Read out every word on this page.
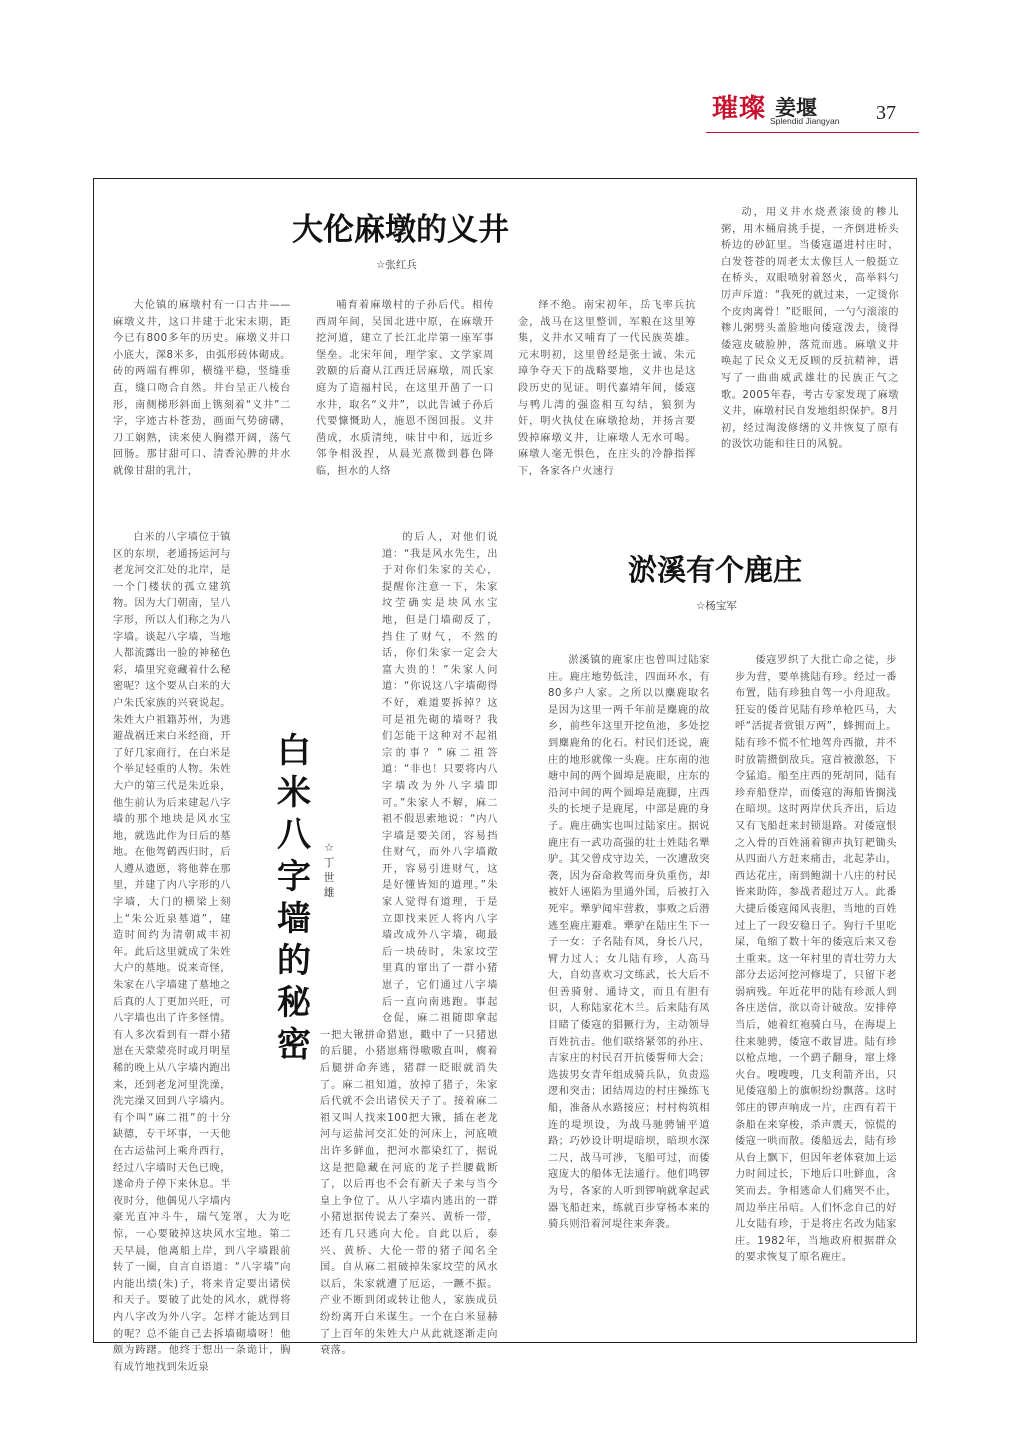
璀璨 姜堰
Splendid Jiangyan 37
大伦麻墩的义井
☆张红兵

大伦镇的麻墩村有一口古井——麻墩义井，这口井建于北宋末期，距今已有800多年的历史。麻墩义井口小底大，深8米多，由弧形砖体砌成。砖的两端有榫卯，横缝平稳，竖缝垂直，缝口吻合自然。井台呈正八棱台形，南侧梯形斜面上镌刻着“义井”二字，字迹古朴苍劲，画面气势磅礴，刀工娴熟，读来使人胸襟开阔，荡气回肠。那甘甜可口、清香沁脾的井水就像甘甜的乳汁，

哺育着麻墩村的子孙后代。相传西周年间，吴国北进中原，在麻墩开挖河道，建立了长江北岸第一座军事堡垒。北宋年间，理学家、文学家周敦颐的后裔从江西迁居麻墩，周氏家庭为了造福村民，在这里开凿了一口水井，取名“义井”，以此告诫子孙后代要慷慨助人，施恩不图回报。义井凿成，水质清纯，味甘中和，远近乡邻争相汲捏，从晨光熹微到暮色降临，担水的人络

绎不绝。南宋初年，岳飞率兵抗金，战马在这里整训，军粮在这里筹集，义井水又哺育了一代民族英雄。元末明初，这里曾经是张士诚、朱元璋争夺天下的战略要地，义井也是这段历史的见证。明代嘉靖年间，倭寇与鸭儿湾的强盗相互勾结，狼狈为奸，明火执仗在麻墩抢劫，并扬言要毁掉麻墩义井，让麻墩人无水可喝。麻墩人毫无惧色，在庄头的冷静指挥下，各家各户火速行

动，用义井水烧煮滚烫的糁儿粥，用木桶肩挑手提，一齐倒进桥头桥边的砂缸里。当倭寇逼进村庄时，白发苍苍的周老太太像巨人一般挺立在桥头，双眼喷射着怒火，高举料勺厉声斥道：“我死的就过来，一定烫你个皮肉离骨！”眨眼间，一勺勺滚滚的糁儿粥劈头盖脸地向倭寇泼去，烫得倭寇皮破脸肿，落荒而逃。麻墩义井唤起了民众义无反顾的反抗精神，谱写了一曲曲威武雄壮的民族正气之歌。2005年春，考古专家发现了麻墩义井，麻墩村民自发地组织保护。8月初，经过淘浚修缮的义井恢复了原有的汲饮功能和往日的风貌。

白
米
八
字
墙
的
秘
密
☆
丁
世
雄

白米的八字墙位于镇区的东坝，老通扬运河与老龙河交汇处的北岸，是一个门楼状的孤立建筑物。因为大门朝南，呈八字形，所以人们称之为八字墙。谈起八字墙，当地人都流露出一脸的神秘色彩，墙里究竟藏着什么秘密呢？这个要从白米的大户朱氏家族的兴衰说起。朱姓大户祖籍苏州，为逃避战祸迁来白米经商，开了好几家商行，在白米是个举足轻重的人物。朱姓大户的第三代是朱近泉，他生前认为后来建起八字墙的那个地块是风水宝地，就选此作为日后的墓地。在他驾鹤西归时，后人遵从遗愿，将他葬在那里，并建了内八字形的八字墙，大门的横梁上刻上“朱公近泉墓道”，建造时间约为清朝咸丰初年。此后这里就成了朱姓大户的墓地。说来奇怪，朱家在八字墙建了墓地之后真的人丁更加兴旺，可八字墙也出了许多怪情。有人多次看到有一群小猪崽在天蒙蒙亮时或月明星稀的晚上从八字墙内跑出来，还到老龙河里洗澡，洗完澡又回到八字墙内。有个叫“麻二祖”的十分缺德，专干坏事，一天他在古运盐河上乘舟西行，经过八字墙时天色已晚，遂命舟子停下来休息。半夜时分，他偶见八字墙内豪光直冲斗牛，瑞气笼罩，大为吃惊，一心要破掉这块风水宝地。第二天早晨，他离船上岸，到八字墙跟前转了一圈，自言自语道：“八字墙”向内能出绩(朱)子，将来肯定要出诸侯和天子。要破了此处的风水，就得将内八字改为外八字。怎样才能达到目的呢？总不能自己去拆墙砌墙呀！他颇为踌躇。他终于想出一条诡计，胸有成竹地找到朱近泉

的后人，对他们说道：“我是风水先生，出于对你们朱家的关心，提醒你注意一下，朱家坟茔确实是块风水宝地，但是门墙砌反了，挡住了财气，不然的话，你们朱家一定会大富大贵的！”朱家人问道：“你说这八字墙砌得不好，难道要拆掉？这可是祖先砌的墙呀？我们怎能干这种对不起祖宗的事？”麻二祖答道：“非也！只要将内八字墙改为外八字墙即可。”朱家人不解，麻二祖不假思索地说：“内八字墙是要关闭，容易挡住财气，而外八字墙敞开，容易引进财气，这是好懂皆知的道理。”朱家人觉得有道理，于是立即找来匠人将内八字墙改成外八字墙，砌最后一块砖时，朱家坟茔里真的窜出了一群小猪崽子，它们通过八字墙后一直向南逃跑。事起仓促，麻二祖随即拿起一把大锹拼命猎崽，戳中了一只猪崽的后腿，小猪崽痛得嗷嗷直叫，瘸着后腿拼命奔逃，猪群一眨眼就消失了。麻二祖知道，放掉了猪子，朱家后代就不会出诸侯天子了。接着麻二祖又叫人找来100把大锹，插在老龙河与运盐河交汇处的河床上，河底喷出许多鲜血，把河水都染红了，据说这是把隐藏在河底的龙子拦腰截断了，以后再也不会有新天子来与当今皇上争位了。从八字墙内逃出的一群小猪崽据传说去了秦兴、黄桥一带，还有几只逃向大伦。自此以后，泰兴、黄桥、大伦一带的猪子闻名全国。自从麻二祖破掉朱家坟茔的风水以后，朱家就遭了厄运，一蹶不振。产业不断到闭或转让他人，家族成员纷纷离开白米谋生。一个在白米显赫了上百年的朱姓大户从此就逐渐走向衰落。

淤溪有个鹿庄
☆杨宝军

淤溪镇的鹿家庄也曾叫过陆家庄。鹿庄地势低洼，四面环水，有80多户人家。之所以以麋鹿取名是因为这里一两千年前是麋鹿的故乡，前些年这里开挖鱼池，多处挖到麋鹿角的化石。村民们还说，鹿庄的地形就像一头鹿。庄东南的池塘中间的两个圆埠是鹿眼，庄东的沿河中间的两个圆埠是鹿脚，庄西头的长埂子是鹿尾，中部是鹿的身子。鹿庄确实也叫过陆家庄。据说鹿庄有一武功高强的壮士姓陆名犟驴。其父曾戍守边关，一次遭敌突袭，因为奋命救驾而身负重伤，却被奸人诬陷为里通外国，后被打入死牢。犟驴闻牢营救，事败之后潜逃至鹿庄避难。犟驴在陆庄生下一子一女：子名陆有凤，身长八尺，臂力过人；女儿陆有珍，人高马大，自幼喜欢习文练武，长大后不但善骑射、通诗文，而且有胆有识，人称陆家花木兰。后来陆有凤目睹了倭寇的猖獗行为，主动领导百姓抗击。他们联络紧邻的孙庄、吉家庄的村民召开抗倭誓师大会；选拔男女青年组成骑兵队，负责巡逻和突击；团结周边的村庄操练飞船，准备从水路接应；村村构筑相连的堤坝设，为战马驰骋铺平道路；巧妙设计明堤暗坝，暗坝水深二尺，战马可涉，飞船可过，而倭寇庞大的船体无法通行。他们鸣锣为号，各家的人听到锣响就拿起武器飞船赶来，练就百步穿杨本来的骑兵则沿着河堤往来奔袭。

倭寇罗织了大批亡命之徒，步步为营，要单挑陆有珍。经过一番布置，陆有珍独自驾一小舟迎敌。狂妄的倭首见陆有珍单枪匹马，大呼“活捉者赏银万两”，蜂拥而上。陆有珍不慌不忙地驾舟西撤，并不时放箭攒倒敌兵。寇首被激怒，下令猛追。船至庄西的死胡同，陆有珍弃船登岸，而倭寇的海船皆搁浅在暗坝。这时两岸伏兵齐出，后边又有飞船赶来封锁退路。对倭寇恨之入骨的百姓涌着铆声执钉耙锄头从四面八方赶来痛击，北起茅山，西达花庄，南到鲍湖十八庄的村民皆来助阵，参战者超过万人。此番大捷后倭寇闻风丧胆，当地的百姓过上了一段安稳日子。狗行千里吃屎，龟缩了数十年的倭寇后来又卷土重来。这一年村里的青壮劳力大部分去运河挖河修堤了，只留下老弱病残。年近花甲的陆有珍派人到各庄送信，欲以奇计破敌。安排停当后，她着红袍骑白马，在海堤上往来驰骋，倭寇不敢冒进。陆有珍以枪点地，一个鹞子翻身，窜上烽火台。嗖嗖嗖，几支利箭齐出，只见倭寇船上的旗帜纷纷飘落。这时邻庄的锣声响成一片，庄西有若干条船在来穿梭，杀声震天，惊慌的倭寇一哄而散。倭船远去，陆有珍从台上飘下，但因年老体衰加上运力时间过长，下地后口吐鲜血，含笑而去。争相逃命人们痛哭不止，周边举庄吊唁。人们怀念自己的好儿女陆有珍，于是将庄名改为陆家庄。1982年，当地政府根据群众的要求恢复了原名鹿庄。
